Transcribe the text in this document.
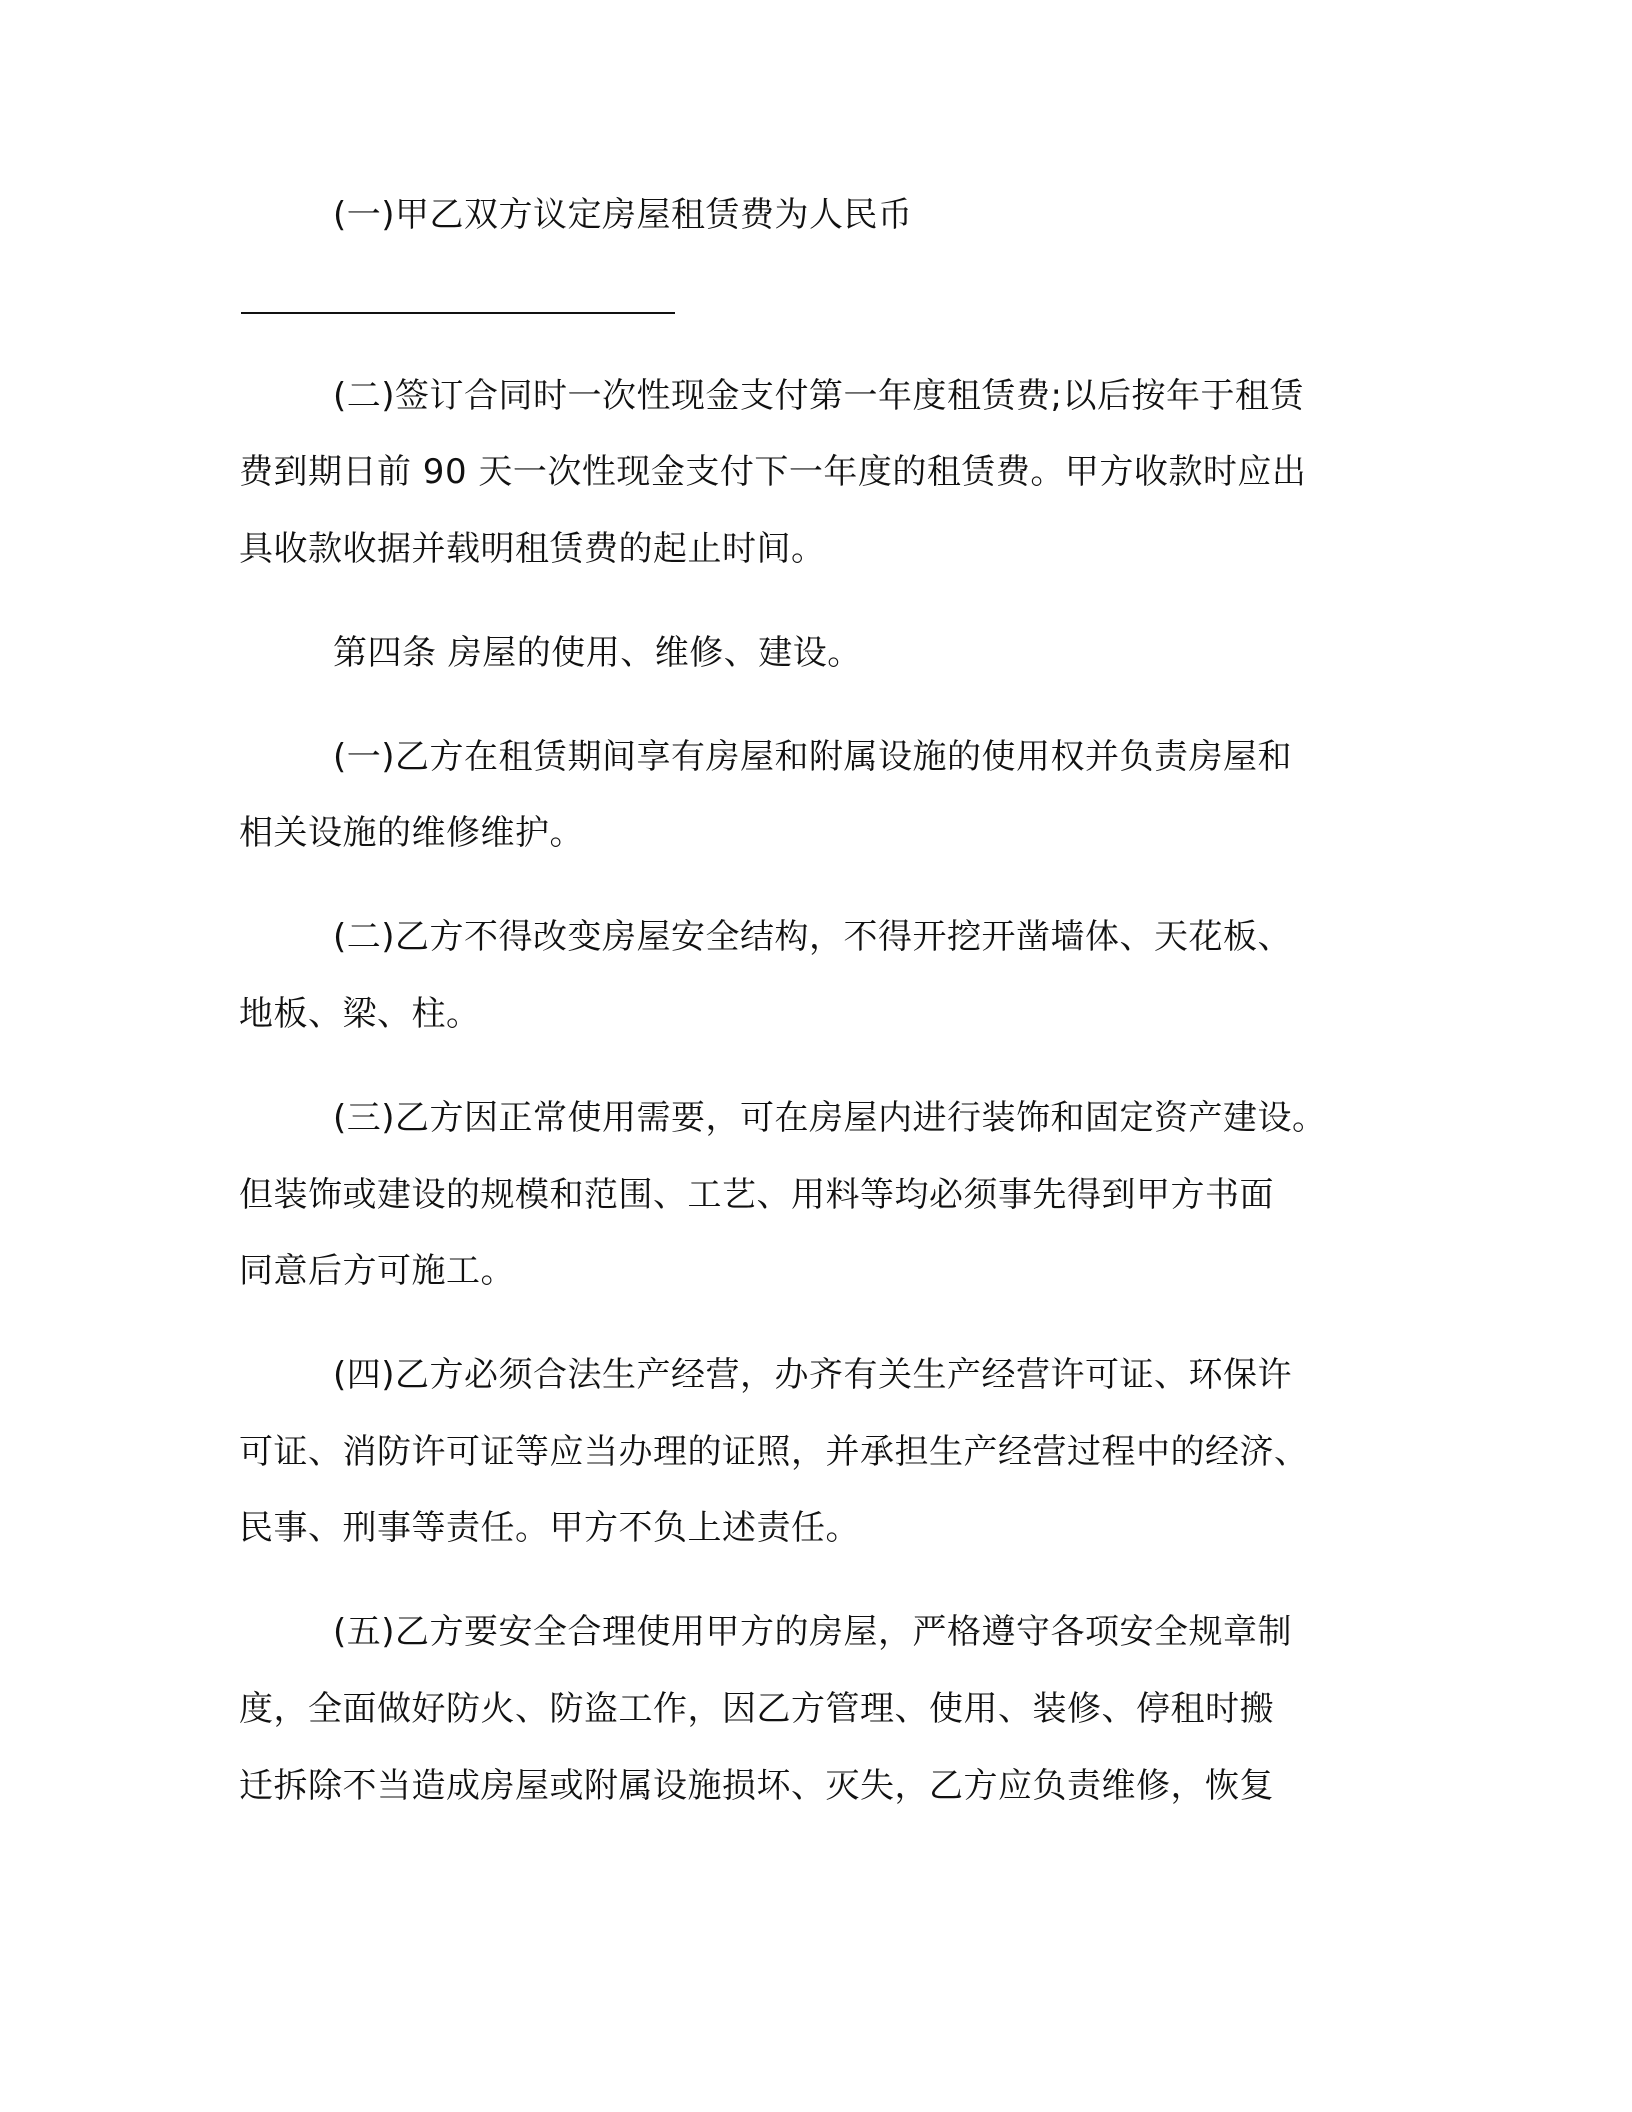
(一)甲乙双方议定房屋租赁费为人民币
(二)签订合同时一次性现金支付第一年度租赁费;以后按年于租赁
费到期日前 90 天一次性现金支付下一年度的租赁费。甲方收款时应出
具收款收据并载明租赁费的起止时间。
第四条 房屋的使用、维修、建设。
(一)乙方在租赁期间享有房屋和附属设施的使用权并负责房屋和
相关设施的维修维护。
(二)乙方不得改变房屋安全结构，不得开挖开凿墙体、天花板、
地板、梁、柱。
(三)乙方因正常使用需要，可在房屋内进行装饰和固定资产建设。
但装饰或建设的规模和范围、工艺、用料等均必须事先得到甲方书面
同意后方可施工。
(四)乙方必须合法生产经营，办齐有关生产经营许可证、环保许
可证、消防许可证等应当办理的证照，并承担生产经营过程中的经济、
民事、刑事等责任。甲方不负上述责任。
(五)乙方要安全合理使用甲方的房屋，严格遵守各项安全规章制
度，全面做好防火、防盗工作，因乙方管理、使用、装修、停租时搬
迁拆除不当造成房屋或附属设施损坏、灭失，乙方应负责维修，恢复
